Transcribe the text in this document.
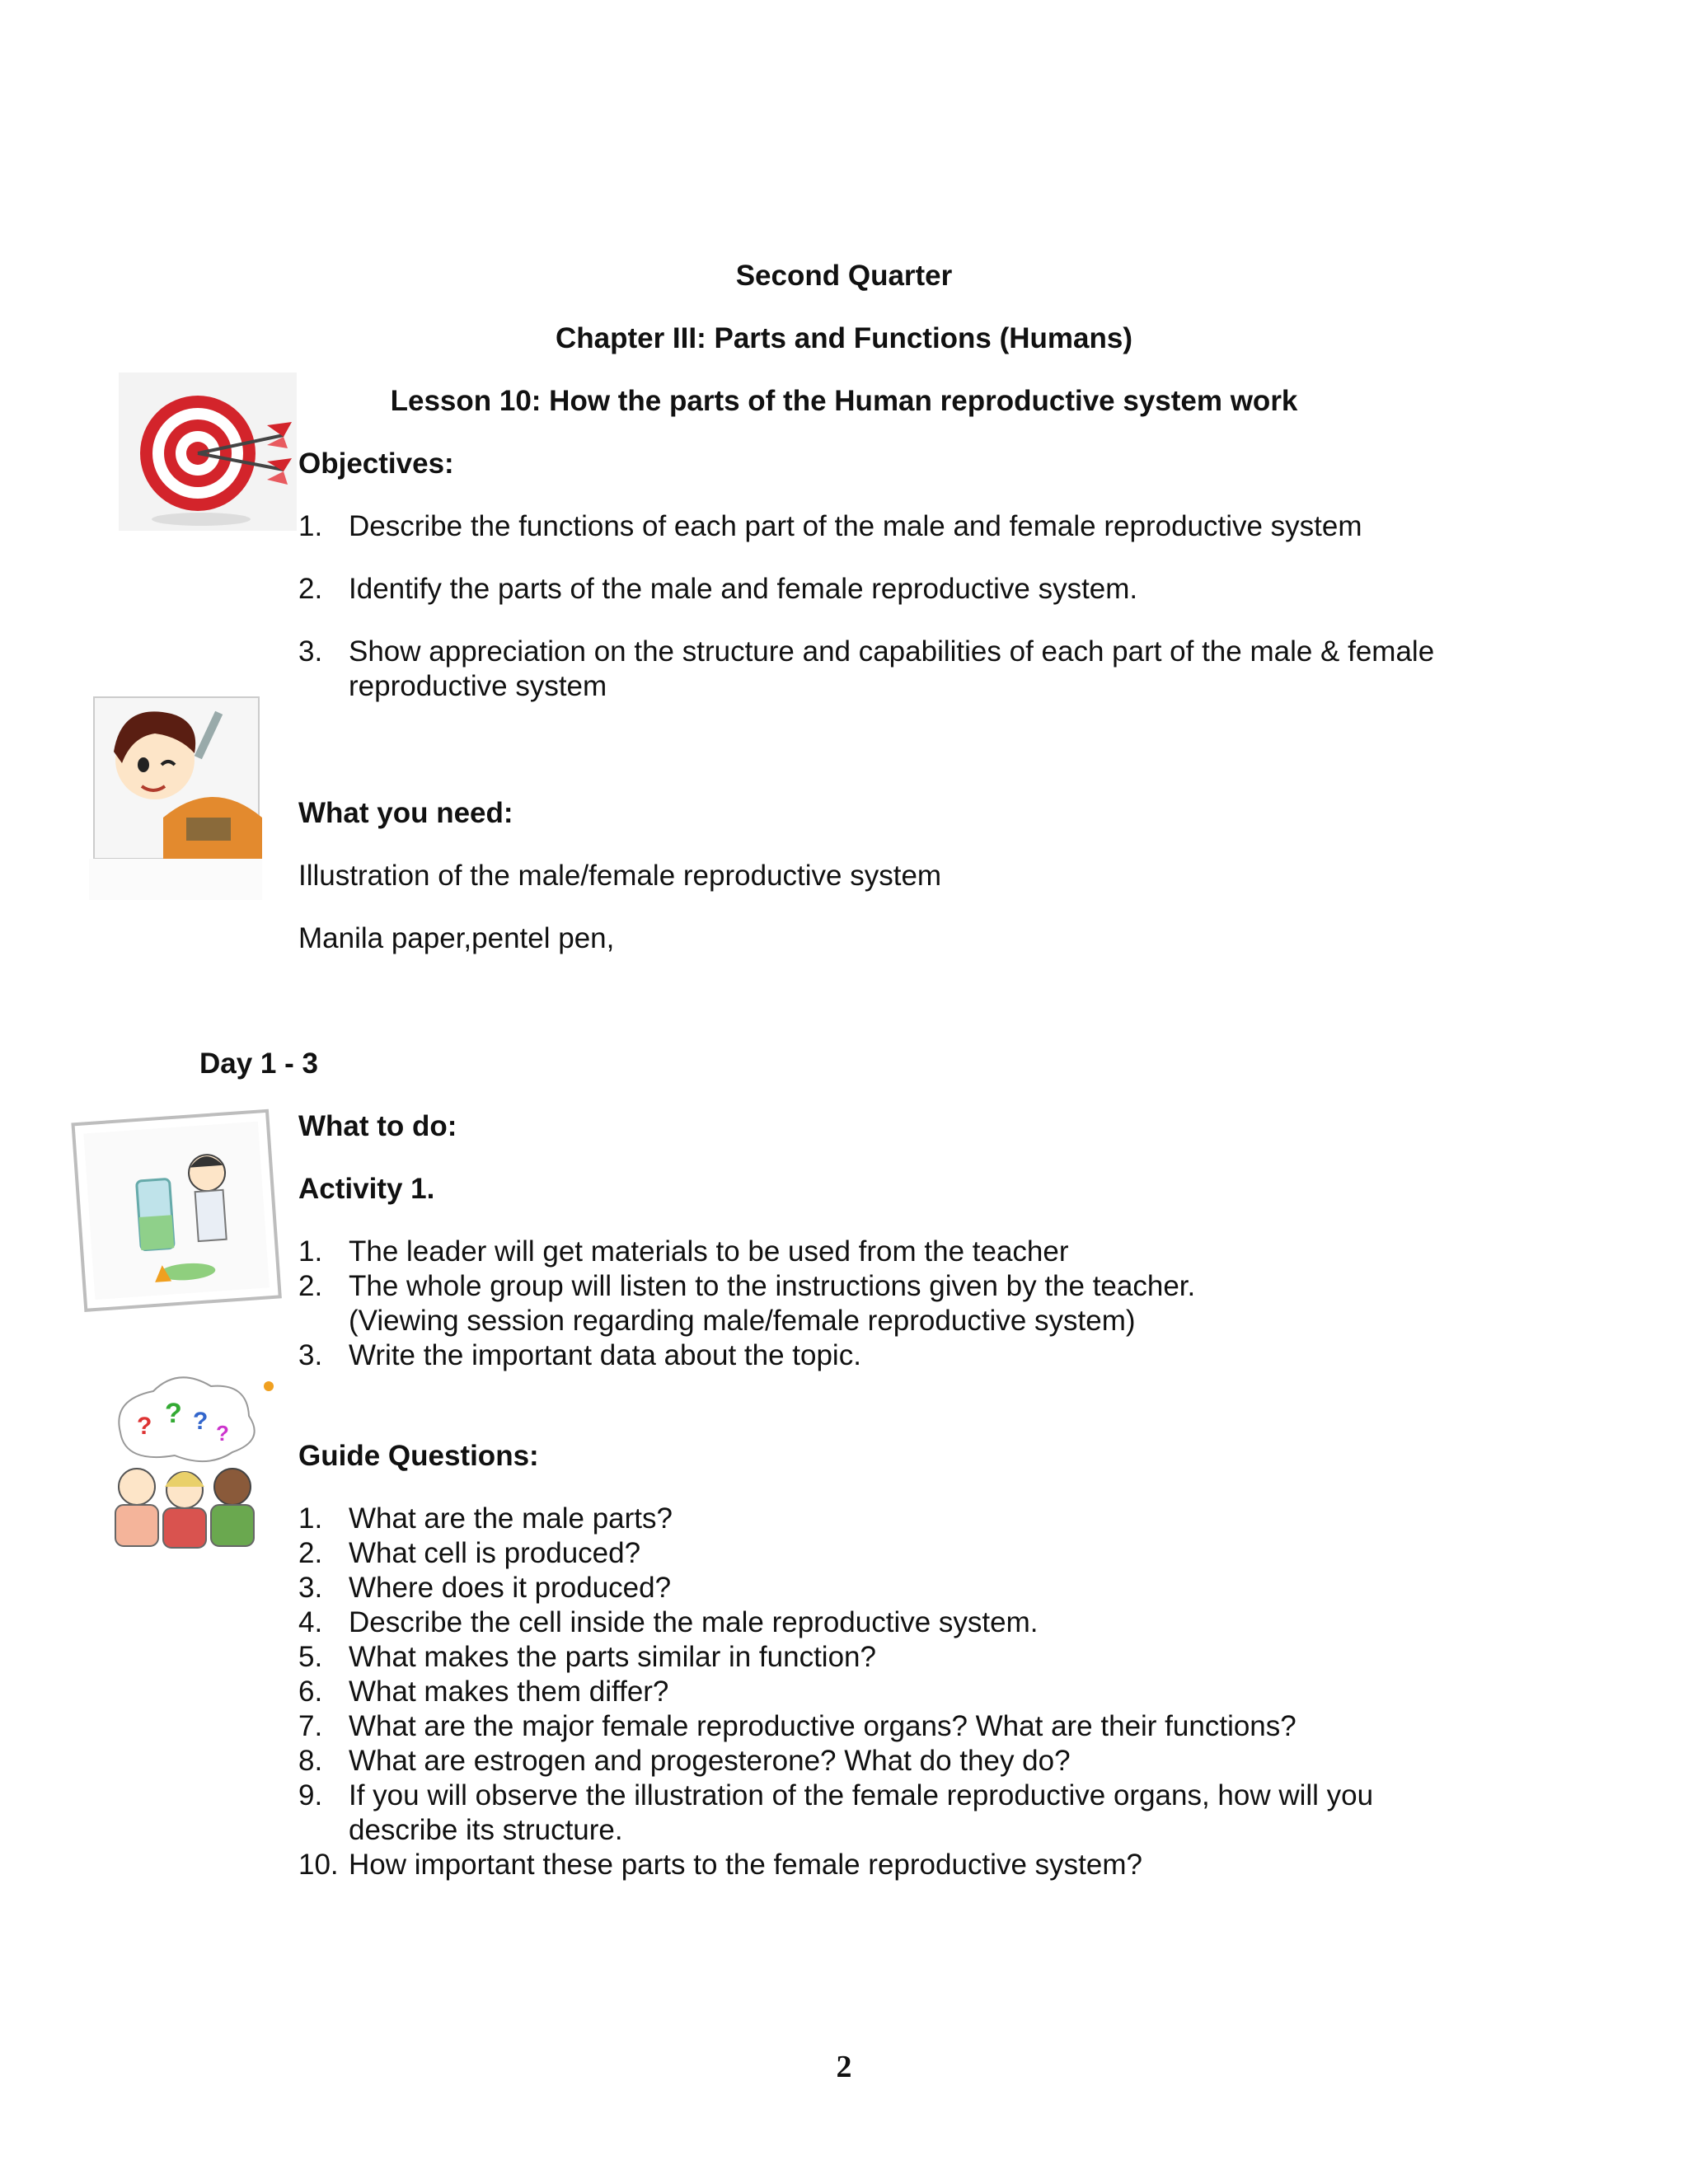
Second Quarter
Chapter III: Parts and Functions (Humans)
Lesson 10: How the parts of the Human reproductive system work
Objectives:
1. Describe the functions of each part of the male and female reproductive system
2. Identify the parts of the male and female reproductive system.
3. Show appreciation on the structure and capabilities of each part of the male & female
reproductive system
What you need:
Illustration of the male/female reproductive system
Manila paper,pentel pen,
Day 1 - 3
What to do:
Activity 1.
1. The leader will get materials to be used from the teacher
2. The whole group will listen to the instructions given by the teacher.
(Viewing session regarding male/female reproductive system)
3. Write the important data about the topic.
? ? ? ?
Guide Questions:
1. What are the male parts?
2. What cell is produced?
3. Where does it produced?
4. Describe the cell inside the male reproductive system.
5. What makes the parts similar in function?
6. What makes them differ?
7. What are the major female reproductive organs? What are their functions?
8. What are estrogen and progesterone? What do they do?
9. If you will observe the illustration of the female reproductive organs, how will you
describe its structure.
10. How important these parts to the female reproductive system?
2
